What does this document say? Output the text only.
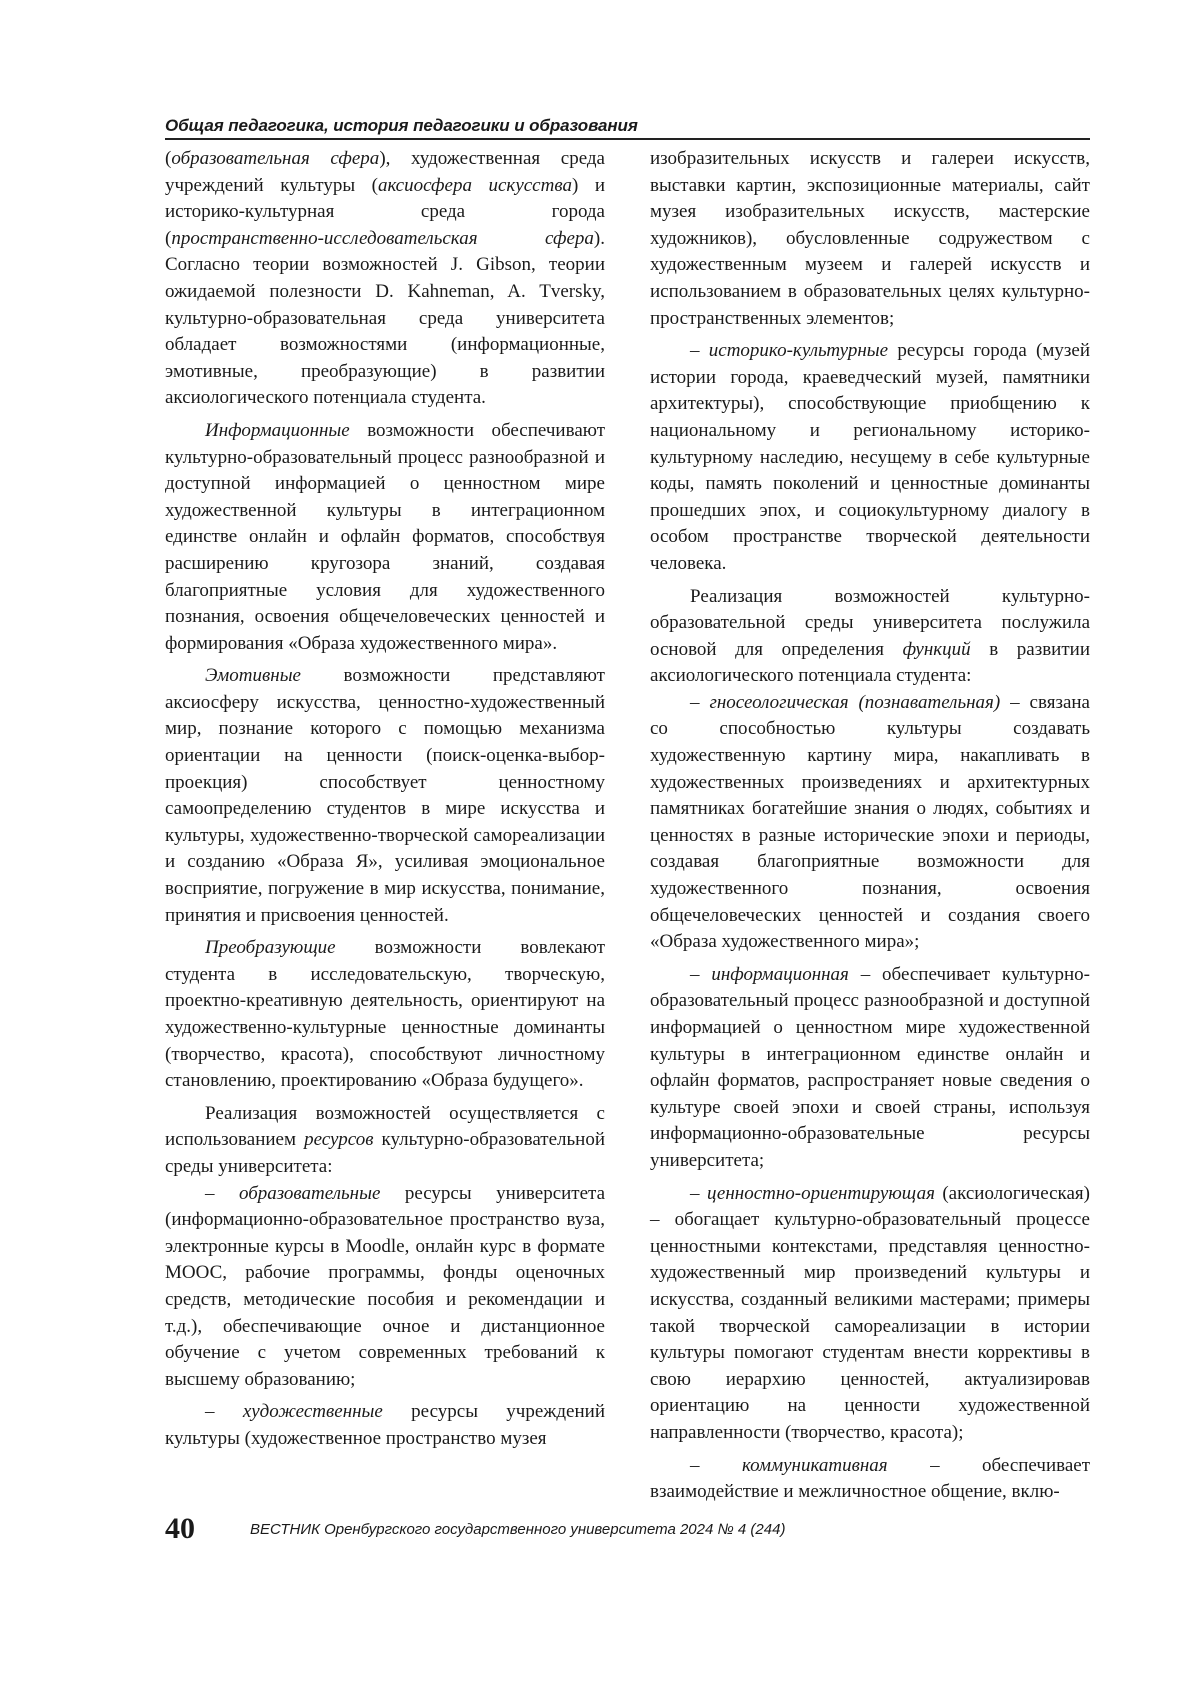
Общая педагогика, история педагогики и образования

(образовательная сфера), художественная среда учреждений культуры (аксиосфера искусства) и историко-культурная среда города (пространственно-исследовательская сфера). Согласно теории возможностей J. Gibson, теории ожидаемой полезности D. Kahneman, A. Tversky, культурно-образовательная среда университета обладает возможностями (информационные, эмотивные, преобразующие) в развитии аксиологического потенциала студента.

Информационные возможности обеспечивают культурно-образовательный процесс разнообразной и доступной информацией о ценностном мире художественной культуры в интеграционном единстве онлайн и офлайн форматов, способствуя расширению кругозора знаний, создавая благоприятные условия для художественного познания, освоения общечеловеческих ценностей и формирования «Образа художественного мира».

Эмотивные возможности представляют аксиосферу искусства, ценностно-художественный мир, познание которого с помощью механизма ориентации на ценности (поиск-оценка-выбор-проекция) способствует ценностному самоопределению студентов в мире искусства и культуры, художественно-творческой самореализации и созданию «Образа Я», усиливая эмоциональное восприятие, погружение в мир искусства, понимание, принятия и присвоения ценностей.

Преобразующие возможности вовлекают студента в исследовательскую, творческую, проектно-креативную деятельность, ориентируют на художественно-культурные ценностные доминанты (творчество, красота), способствуют личностному становлению, проектированию «Образа будущего».

Реализация возможностей осуществляется с использованием ресурсов культурно-образовательной среды университета:

– образовательные ресурсы университета (информационно-образовательное пространство вуза, электронные курсы в Moodle, онлайн курс в формате МООС, рабочие программы, фонды оценочных средств, методические пособия и рекомендации и т.д.), обеспечивающие очное и дистанционное обучение с учетом современных требований к высшему образованию;

– художественные ресурсы учреждений культуры (художественное пространство музея

изобразительных искусств и галереи искусств, выставки картин, экспозиционные материалы, сайт музея изобразительных искусств, мастерские художников), обусловленные содружеством с художественным музеем и галерей искусств и использованием в образовательных целях культурно-пространственных элементов;

– историко-культурные ресурсы города (музей истории города, краеведческий музей, памятники архитектуры), способствующие приобщению к национальному и региональному историко-культурному наследию, несущему в себе культурные коды, память поколений и ценностные доминанты прошедших эпох, и социокультурному диалогу в особом пространстве творческой деятельности человека.

Реализация возможностей культурно-образовательной среды университета послужила основой для определения функций в развитии аксиологического потенциала студента:

– гносеологическая (познавательная) – связана со способностью культуры создавать художественную картину мира, накапливать в художественных произведениях и архитектурных памятниках богатейшие знания о людях, событиях и ценностях в разные исторические эпохи и периоды, создавая благоприятные возможности для художественного познания, освоения общечеловеческих ценностей и создания своего «Образа художественного мира»;

– информационная – обеспечивает культурно-образовательный процесс разнообразной и доступной информацией о ценностном мире художественной культуры в интеграционном единстве онлайн и офлайн форматов, распространяет новые сведения о культуре своей эпохи и своей страны, используя информационно-образовательные ресурсы университета;

– ценностно-ориентирующая (аксиологическая) – обогащает культурно-образовательный процессе ценностными контекстами, представляя ценностно-художественный мир произведений культуры и искусства, созданный великими мастерами; примеры такой творческой самореализации в истории культуры помогают студентам внести коррективы в свою иерархию ценностей, актуализировав ориентацию на ценности художественной направленности (творчество, красота);

– коммуникативная – обеспечивает взаимодействие и межличностное общение, вклю-

40	ВЕСТНИК Оренбургского государственного университета 2024 № 4 (244)
